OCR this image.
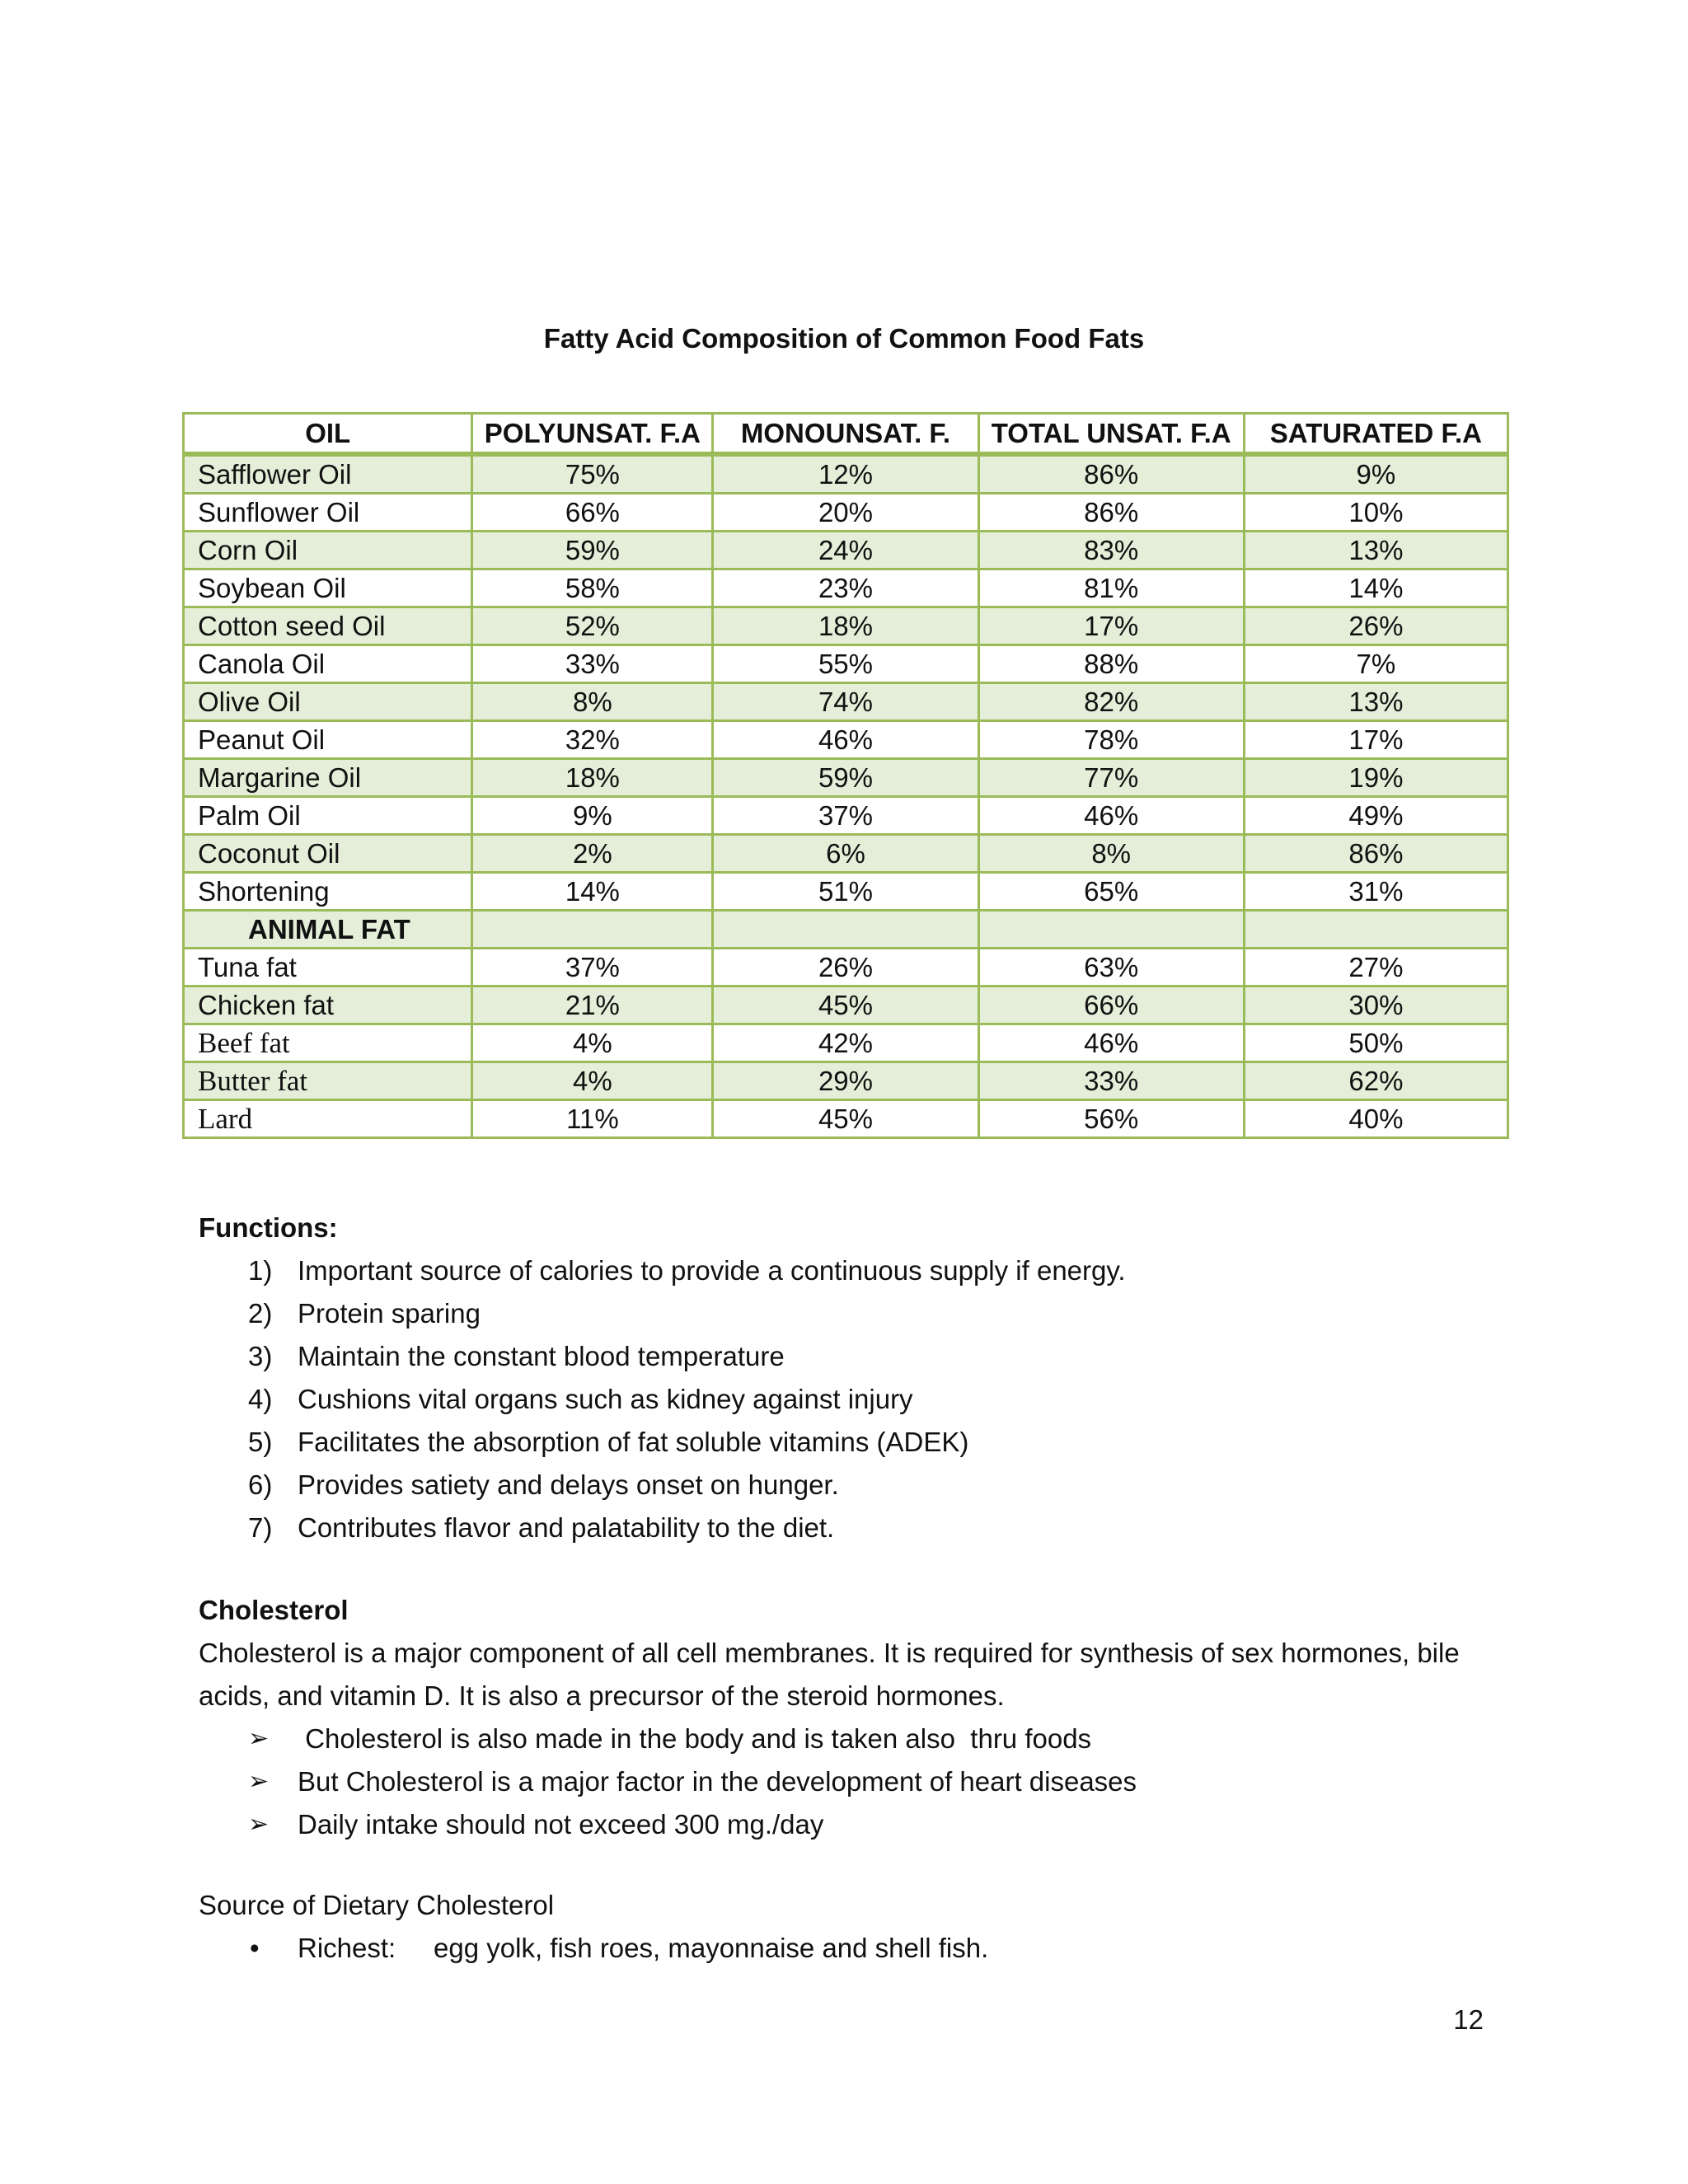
Fatty Acid Composition of Common Food Fats
OIL	POLYUNSAT. F.A	MONOUNSAT. F.	TOTAL UNSAT. F.A	SATURATED F.A
Safflower Oil	75%	12%	86%	9%
Sunflower Oil	66%	20%	86%	10%
Corn Oil	59%	24%	83%	13%
Soybean Oil	58%	23%	81%	14%
Cotton seed Oil	52%	18%	17%	26%
Canola Oil	33%	55%	88%	7%
Olive Oil	8%	74%	82%	13%
Peanut Oil	32%	46%	78%	17%
Margarine Oil	18%	59%	77%	19%
Palm Oil	9%	37%	46%	49%
Coconut Oil	2%	6%	8%	86%
Shortening	14%	51%	65%	31%
ANIMAL FAT				
Tuna fat	37%	26%	63%	27%
Chicken fat	21%	45%	66%	30%
Beef fat	4%	42%	46%	50%
Butter fat	4%	29%	33%	62%
Lard	11%	45%	56%	40%
Functions:
1) Important source of calories to provide a continuous supply if energy.
2) Protein sparing
3) Maintain the constant blood temperature
4) Cushions vital organs such as kidney against injury
5) Facilitates the absorption of fat soluble vitamins (ADEK)
6) Provides satiety and delays onset on hunger.
7) Contributes flavor and palatability to the diet.
Cholesterol
Cholesterol is a major component of all cell membranes. It is required for synthesis of sex hormones, bile acids, and vitamin D. It is also a precursor of the steroid hormones.
➢ Cholesterol is also made in the body and is taken also  thru foods
➢ But Cholesterol is a major factor in the development of heart diseases
➢ Daily intake should not exceed 300 mg./day
Source of Dietary Cholesterol
• Richest:     egg yolk, fish roes, mayonnaise and shell fish.
12
